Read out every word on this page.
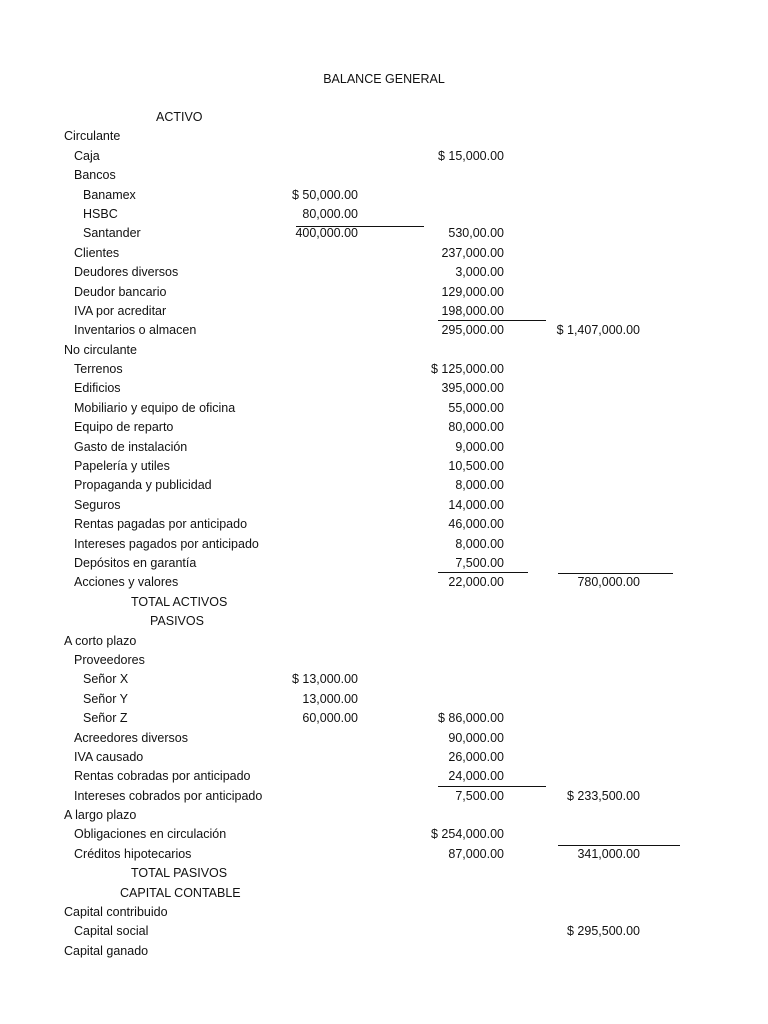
BALANCE GENERAL
ACTIVO
Circulante
Caja	$ 15,000.00
Bancos
Banamex	$ 50,000.00
HSBC	80,000.00
Santander	400,000.00	530,00.00
Clientes	237,000.00
Deudores diversos	3,000.00
Deudor bancario	129,000.00
IVA por acreditar	198,000.00
Inventarios o almacen	295,000.00	$ 1,407,000.00
No circulante
Terrenos	$ 125,000.00
Edificios	395,000.00
Mobiliario y equipo de oficina	55,000.00
Equipo de reparto	80,000.00
Gasto de instalación	9,000.00
Papelería y utiles	10,500.00
Propaganda y publicidad	8,000.00
Seguros	14,000.00
Rentas pagadas por anticipado	46,000.00
Intereses pagados por anticipado	8,000.00
Depósitos en garantía	7,500.00
Acciones y valores	22,000.00	780,000.00
TOTAL ACTIVOS
PASIVOS
A corto plazo
Proveedores
Señor X	$ 13,000.00
Señor Y	13,000.00
Señor Z	60,000.00	$ 86,000.00
Acreedores diversos	90,000.00
IVA causado	26,000.00
Rentas cobradas por anticipado	24,000.00
Intereses cobrados por anticipado	7,500.00	$ 233,500.00
A largo plazo
Obligaciones en circulación	$ 254,000.00
Créditos hipotecarios	87,000.00	341,000.00
TOTAL PASIVOS
CAPITAL CONTABLE
Capital contribuido
Capital social	$ 295,500.00
Capital ganado
